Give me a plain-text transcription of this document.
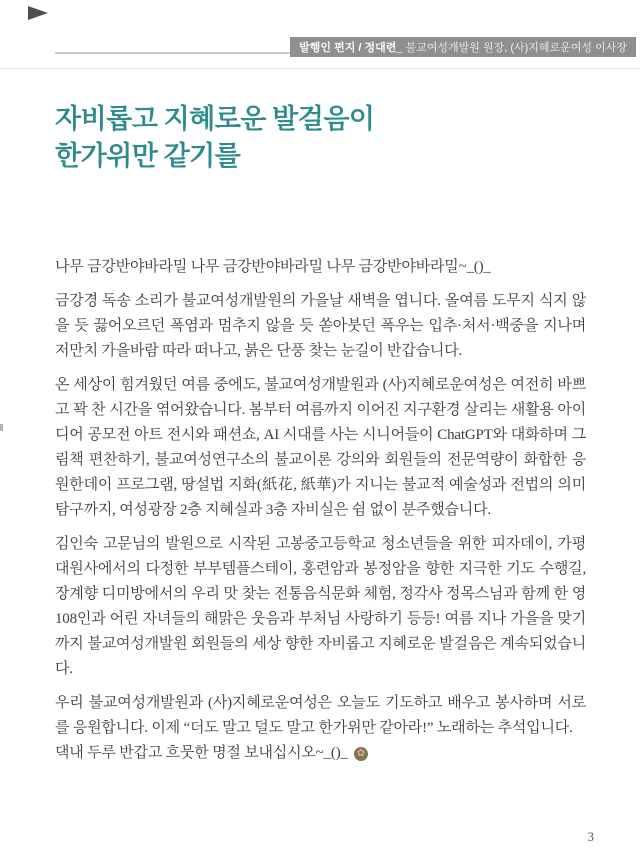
발행인 편지 / 정대련 _ 불교여성개발원 원장, (사)지혜로운여성 이사장
자비롭고 지혜로운 발걸음이
한가위만 같기를

나무 금강반야바라밀 나무 금강반야바라밀 나무 금강반야바라밀~_()_

금강경 독송 소리가 불교여성개발원의 가을날 새벽을 엽니다. 올여름 도무지 식지 않을 듯 끓어오르던 폭염과 멈추지 않을 듯 쏟아붓던 폭우는 입추·처서·백중을 지나며 저만치 가을바람 따라 떠나고, 붉은 단풍 찾는 눈길이 반갑습니다.

온 세상이 힘겨웠던 여름 중에도, 불교여성개발원과 (사)지혜로운여성은 여전히 바쁘고 꽉 찬 시간을 엮어왔습니다. 봄부터 여름까지 이어진 지구환경 살리는 새활용 아이디어 공모전 아트 전시와 패션쇼, AI 시대를 사는 시니어들이 ChatGPT와 대화하며 그림책 편찬하기, 불교여성연구소의 불교이론 강의와 회원들의 전문역량이 화합한 응원한데이 프로그램, 땅설법 지화(紙花, 紙華)가 지니는 불교적 예술성과 전법의 의미 탐구까지, 여성광장 2층 지혜실과 3층 자비실은 쉼 없이 분주했습니다.

김인숙 고문님의 발원으로 시작된 고봉중고등학교 청소년들을 위한 피자데이, 가평 대원사에서의 다정한 부부템플스테이, 홍련암과 봉정암을 향한 지극한 기도 수행길, 장계향 디미방에서의 우리 맛 찾는 전통음식문화 체험, 정각사 정목스님과 함께 한 영108인과 어린 자녀들의 해맑은 웃음과 부처님 사랑하기 등등! 여름 지나 가을을 맞기까지 불교여성개발원 회원들의 세상 향한 자비롭고 지혜로운 발걸음은 계속되었습니다.

우리 불교여성개발원과 (사)지혜로운여성은 오늘도 기도하고 배우고 봉사하며 서로를 응원합니다. 이제 “더도 말고 덜도 말고 한가위만 같아라!” 노래하는 추석입니다.

댁내 두루 반갑고 흐뭇한 명절 보내십시오~_()_ ✿
3
